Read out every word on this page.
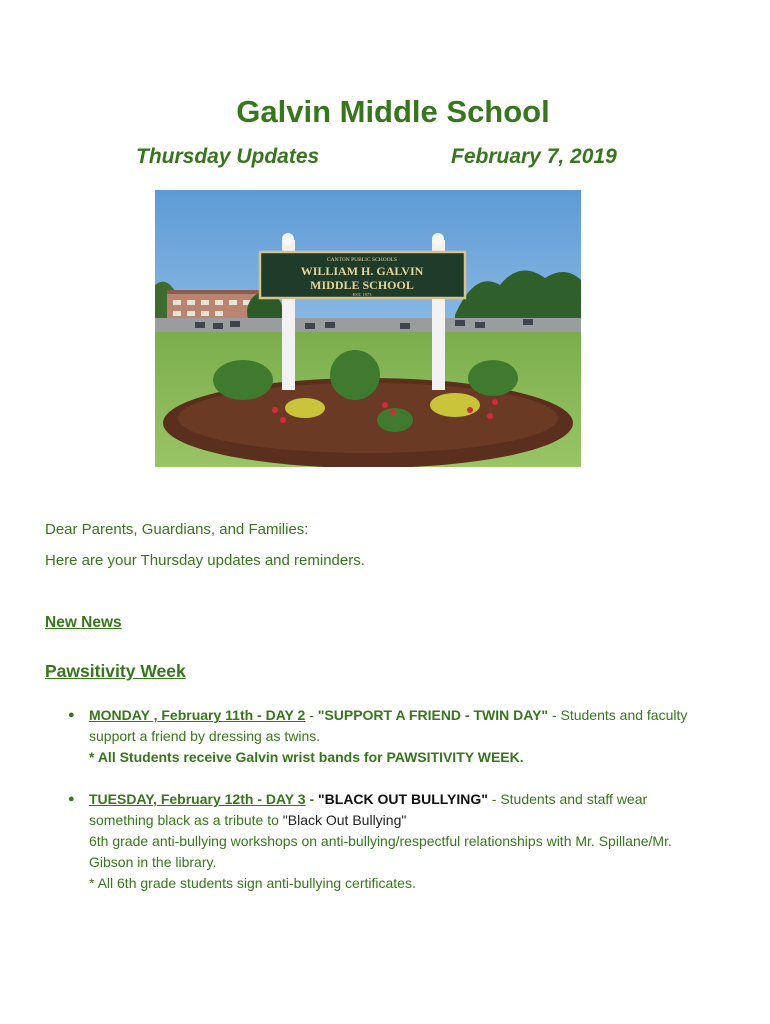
Galvin Middle School
Thursday Updates	February 7, 2019
CANTON PUBLIC SCHOOLS
WILLIAM H. GALVIN
MIDDLE SCHOOL
EST. 1973
Dear Parents, Guardians, and Families:
Here are your Thursday updates and reminders.
New News
Pawsitivity Week
● MONDAY , February 11th - DAY 2 - "SUPPORT A FRIEND - TWIN DAY" - Students and faculty support a friend by dressing as twins.
* All Students receive Galvin wrist bands for PAWSITIVITY WEEK.
● TUESDAY, February 12th - DAY 3 - "BLACK OUT BULLYING" - Students and staff wear something black as a tribute to "Black Out Bullying"
6th grade anti-bullying workshops on anti-bullying/respectful relationships with Mr. Spillane/Mr. Gibson in the library.
* All 6th grade students sign anti-bullying certificates.
